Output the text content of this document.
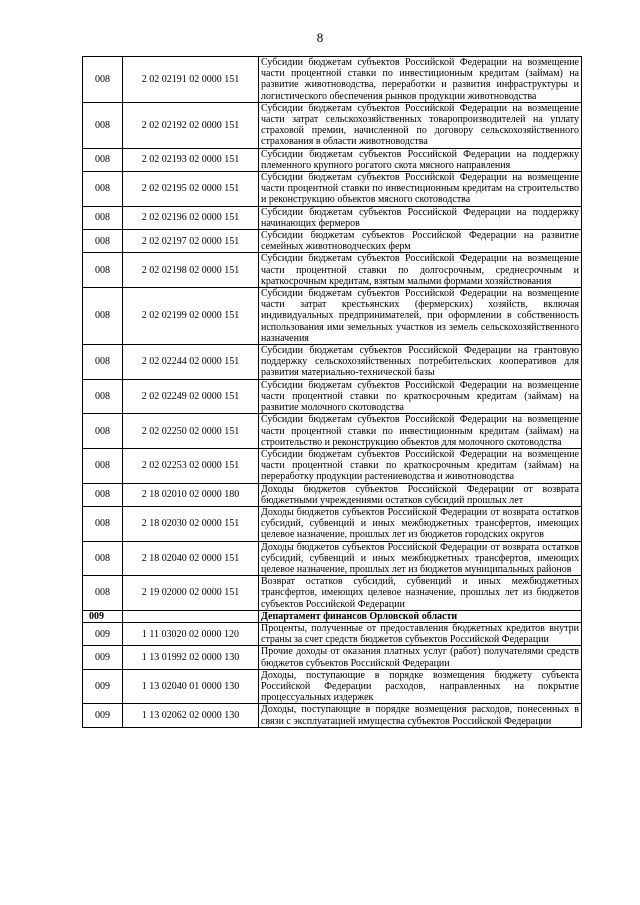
8
008	2 02 02191 02 0000 151	Субсидии бюджетам субъектов Российской Федерации на возмещение части процентной ставки по инвестиционным кредитам (займам) на развитие животноводства, переработки и развития инфраструктуры и логистического обеспечения рынков продукции животноводства
008	2 02 02192 02 0000 151	Субсидии бюджетам субъектов Российской Федерации на возмещение части затрат сельскохозяйственных товаропроизводителей на уплату страховой премии, начисленной по договору сельскохозяйственного страхования в области животноводства
008	2 02 02193 02 0000 151	Субсидии бюджетам субъектов Российской Федерации на поддержку племенного крупного рогатого скота мясного направления
008	2 02 02195 02 0000 151	Субсидии бюджетам субъектов Российской Федерации на возмещение части процентной ставки по инвестиционным кредитам на строительство и реконструкцию объектов мясного скотоводства
008	2 02 02196 02 0000 151	Субсидии бюджетам субъектов Российской Федерации на поддержку начинающих фермеров
008	2 02 02197 02 0000 151	Субсидии бюджетам субъектов Российской Федерации на развитие семейных животноводческих ферм
008	2 02 02198 02 0000 151	Субсидии бюджетам субъектов Российской Федерации на возмещение части процентной ставки по долгосрочным, среднесрочным и краткосрочным кредитам, взятым малыми формами хозяйствования
008	2 02 02199 02 0000 151	Субсидии бюджетам субъектов Российской Федерации на возмещение части затрат крестьянских (фермерских) хозяйств, включая индивидуальных предпринимателей, при оформлении в собственность использования ими земельных участков из земель сельскохозяйственного назначения
008	2 02 02244 02 0000 151	Субсидии бюджетам субъектов Российской Федерации на грантовую поддержку сельскохозяйственных потребительских кооперативов для развития материально-технической базы
008	2 02 02249 02 0000 151	Субсидии бюджетам субъектов Российской Федерации на возмещение части процентной ставки по краткосрочным кредитам (займам) на развитие молочного скотоводства
008	2 02 02250 02 0000 151	Субсидии бюджетам субъектов Российской Федерации на возмещение части процентной ставки по инвестиционным кредитам (займам) на строительство и реконструкцию объектов для молочного скотоводства
008	2 02 02253 02 0000 151	Субсидии бюджетам субъектов Российской Федерации на возмещение части процентной ставки по краткосрочным кредитам (займам) на переработку продукции растениеводства и животноводства
008	2 18 02010 02 0000 180	Доходы бюджетов субъектов Российской Федерации от возврата бюджетными учреждениями остатков субсидий прошлых лет
008	2 18 02030 02 0000 151	Доходы бюджетов субъектов Российской Федерации от возврата остатков субсидий, субвенций и иных межбюджетных трансфертов, имеющих целевое назначение, прошлых лет из бюджетов городских округов
008	2 18 02040 02 0000 151	Доходы бюджетов субъектов Российской Федерации от возврата остатков субсидий, субвенций и иных межбюджетных трансфертов, имеющих целевое назначение, прошлых лет из бюджетов муниципальных районов
008	2 19 02000 02 0000 151	Возврат остатков субсидий, субвенций и иных межбюджетных трансфертов, имеющих целевое назначение, прошлых лет из бюджетов субъектов Российской Федерации
009		Департамент финансов Орловской области
009	1 11 03020 02 0000 120	Проценты, полученные от предоставления бюджетных кредитов внутри страны за счет средств бюджетов субъектов Российской Федерации
009	1 13 01992 02 0000 130	Прочие доходы от оказания платных услуг (работ) получателями средств бюджетов субъектов Российской Федерации
009	1 13 02040 01 0000 130	Доходы, поступающие в порядке возмещения бюджету субъекта Российской Федерации расходов, направленных на покрытие процессуальных издержек
009	1 13 02062 02 0000 130	Доходы, поступающие в порядке возмещения расходов, понесенных в связи с эксплуатацией имущества субъектов Российской Федерации
